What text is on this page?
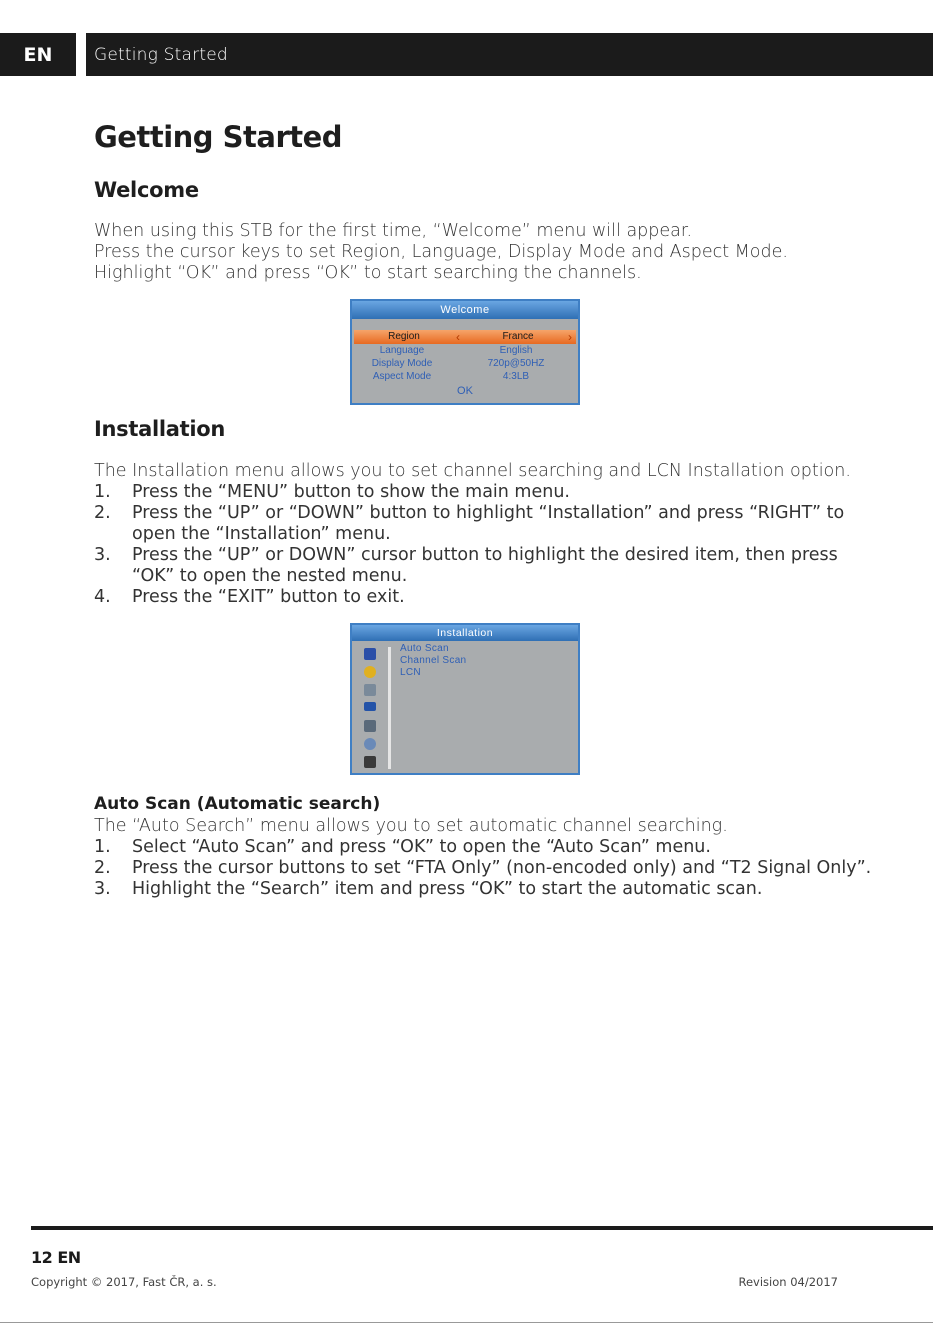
EN	Getting Started
Getting Started
Welcome
When using this STB for the first time, “Welcome” menu will appear.
Press the cursor keys to set Region, Language, Display Mode and Aspect Mode.
Highlight “OK” and press “OK” to start searching the channels.
Welcome
Region	‹	France	›
Language	English
Display Mode	720p@50HZ
Aspect Mode	4:3LB
OK
Installation
The Installation menu allows you to set channel searching and LCN Installation option.
1. Press the “MENU” button to show the main menu.
2. Press the “UP” or “DOWN” button to highlight “Installation” and press “RIGHT” to open the “Installation” menu.
3. Press the “UP” or DOWN” cursor button to highlight the desired item, then press “OK” to open the nested menu.
4. Press the “EXIT” button to exit.
Installation
Auto Scan
Channel Scan
LCN
Auto Scan (Automatic search)
The “Auto Search” menu allows you to set automatic channel searching.
1. Select “Auto Scan” and press “OK” to open the “Auto Scan” menu.
2. Press the cursor buttons to set “FTA Only” (non-encoded only) and “T2 Signal Only”.
3. Highlight the “Search” item and press “OK” to start the automatic scan.
12 EN
Copyright © 2017, Fast ČR, a. s.	Revision 04/2017
